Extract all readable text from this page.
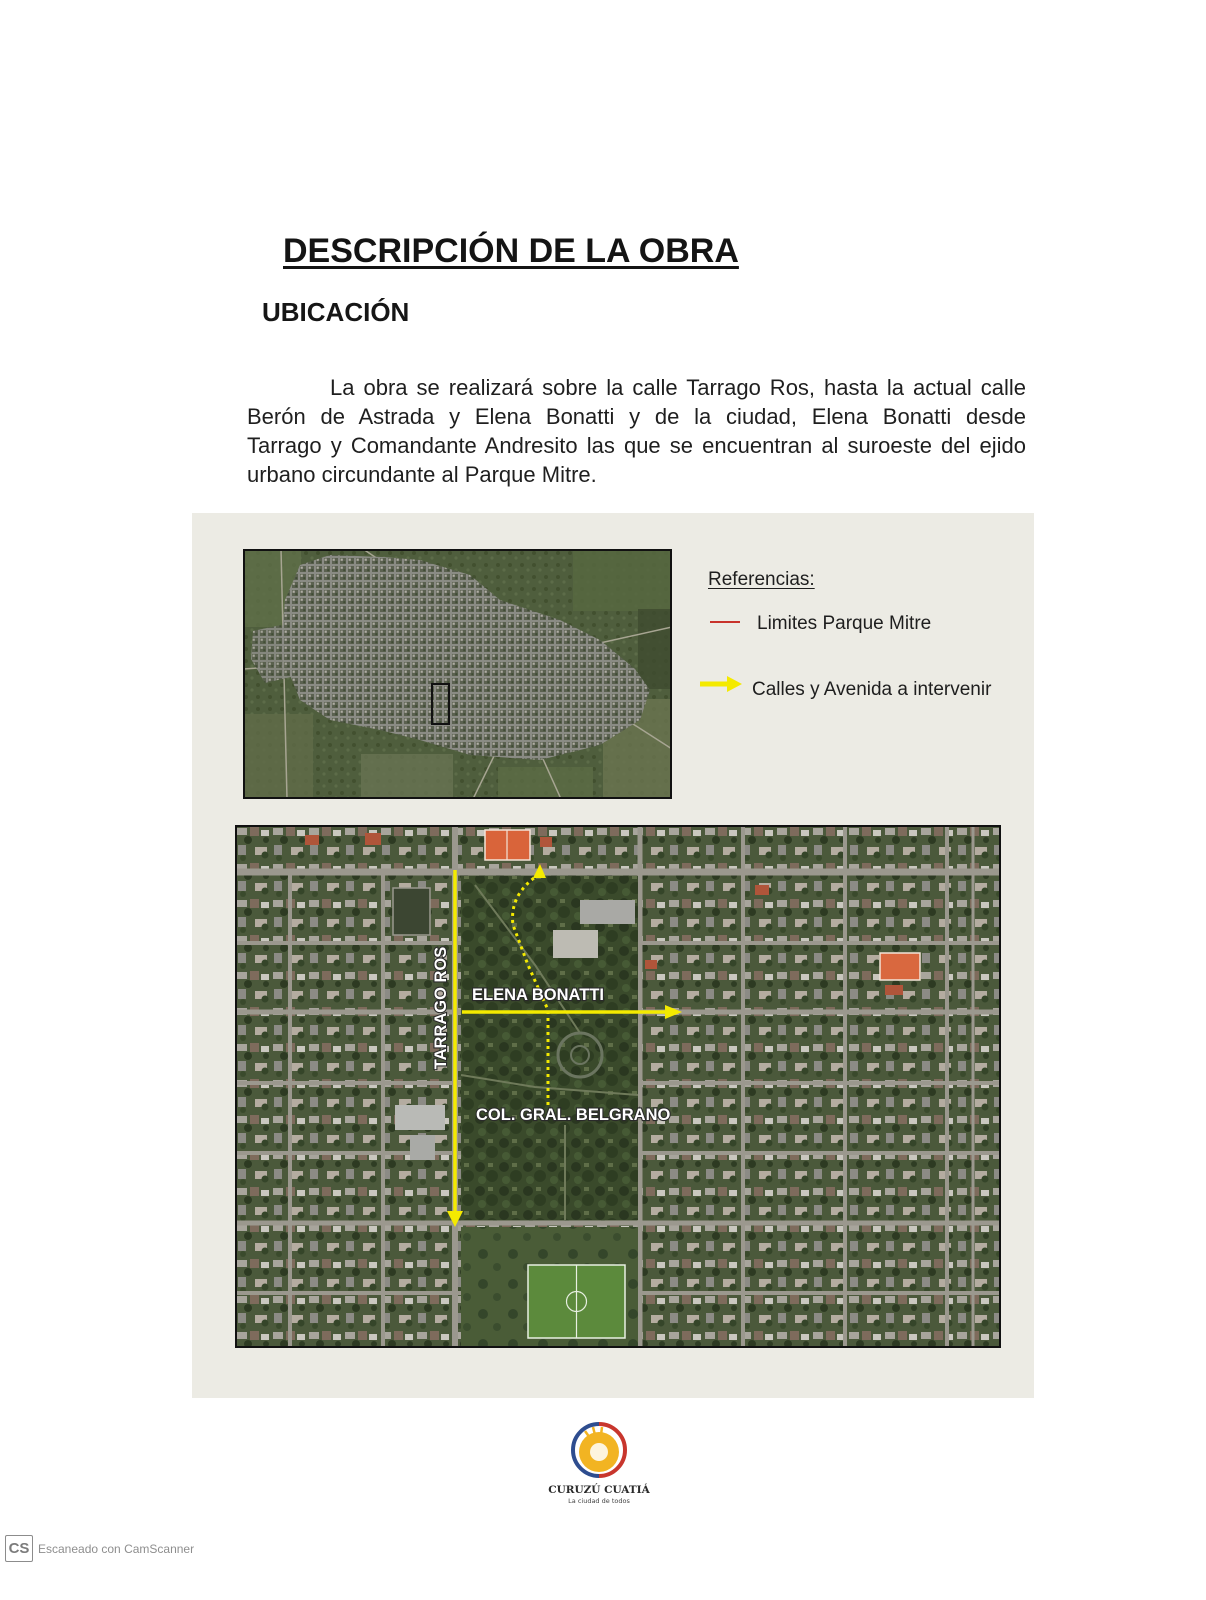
DESCRIPCIÓN DE LA OBRA
UBICACIÓN
La obra se realizará sobre la calle Tarrago Ros, hasta la actual calle
Berón de Astrada y Elena Bonatti y de la ciudad, Elena Bonatti desde
Tarrago y Comandante Andresito las que se encuentran al suroeste del ejido
urbano circundante al Parque Mitre.
Referencias:
Limites Parque Mitre
Calles y Avenida a intervenir
TARRAGO ROS ELENA BONATTI
COL. GRAL. BELGRANO
CURUZÚ CUATIÁ
La ciudad de todos
CS Escaneado con CamScanner
